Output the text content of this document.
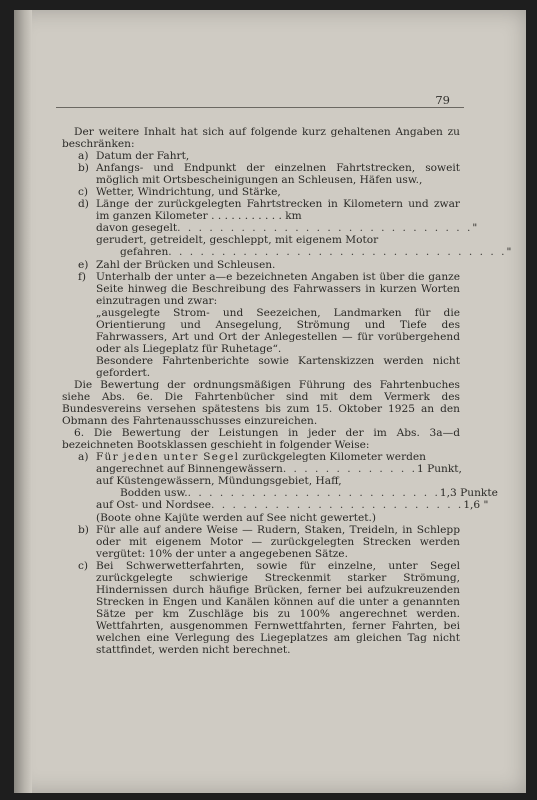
79

Der weitere Inhalt hat sich auf folgende kurz gehaltenen Angaben zu beschränken:

a) Datum der Fahrt,
b) Anfangs- und Endpunkt der einzelnen Fahrtstrecken, soweit möglich mit Ortsbescheinigungen an Schleusen, Häfen usw.,
c) Wetter, Windrichtung, und Stärke,
d) Länge der zurückgelegten Fahrtstrecken in Kilometern und zwar im ganzen Kilometer . . . . . . . . . . . km
davon gesegelt . . . . . . . . . . . . . . . . . . . . . . . . . . . . "
gerudert, getreidelt, geschleppt, mit eigenem Motor
gefahren . . . . . . . . . . . . . . . . . . . . . . . . . . . . . . . . "
e) Zahl der Brücken und Schleusen.
f) Unterhalb der unter a—e bezeichneten Angaben ist über die ganze Seite hinweg die Beschreibung des Fahrwassers in kurzen Worten einzutragen und zwar:
„ausgelegte Strom- und Seezeichen, Landmarken für die Orientierung und Ansegelung, Strömung und Tiefe des Fahrwassers, Art und Ort der Anlegestellen — für vorübergehend oder als Liegeplatz für Ruhetage“.
Besondere Fahrtenberichte sowie Kartenskizzen werden nicht gefordert.

Die Bewertung der ordnungsmäßigen Führung des Fahrtenbuches siehe Abs. 6e. Die Fahrtenbücher sind mit dem Vermerk des Bundesvereins versehen spätestens bis zum 15. Oktober 1925 an den Obmann des Fahrtenausschusses einzureichen.

6. Die Bewertung der Leistungen in jeder der im Abs. 3a—d bezeichneten Bootsklassen geschieht in folgender Weise:

a) Für jeden unter Segel zurückgelegten Kilometer werden
angerechnet auf Binnengewässern . . . . . . . . . . . . . 1 Punkt,
auf Küstengewässern, Mündungsgebiet, Haff,
Bodden usw. . . . . . . . . . . . . . . . . . . . . . . . . 1,3 Punkte
auf Ost- und Nordsee . . . . . . . . . . . . . . . . . . . . . . . . 1,6 "
(Boote ohne Kajüte werden auf See nicht gewertet.)
b) Für alle auf andere Weise — Rudern, Staken, Treideln, in Schlepp oder mit eigenem Motor — zurückgelegten Strecken werden vergütet: 10% der unter a angegebenen Sätze.
c) Bei Schwerwetterfahrten, sowie für einzelne, unter Segel zurückgelegte schwierige Streckenmit starker Strömung, Hindernissen durch häufige Brücken, ferner bei aufzukreuzenden Strecken in Engen und Kanälen können auf die unter a genannten Sätze per km Zuschläge bis zu 100% angerechnet werden. Wettfahrten, ausgenommen Fernwettfahrten, ferner Fahrten, bei welchen eine Verlegung des Liegeplatzes am gleichen Tag nicht stattfindet, werden nicht berechnet.
